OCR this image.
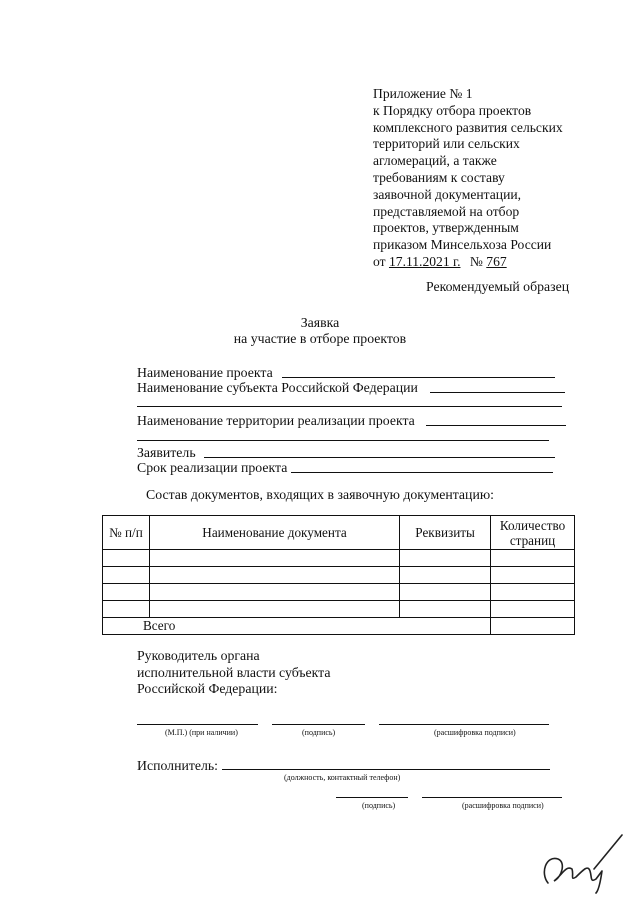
Приложение № 1
к Порядку отбора проектов
комплексного развития сельских
территорий или сельских
агломераций, а также
требованиям к составу
заявочной документации,
представляемой на отбор
проектов, утвержденным
приказом Минсельхоза России
от 17.11.2021 г. № 767
Рекомендуемый образец
Заявка
на участие в отборе проектов
Наименование проекта
Наименование субъекта Российской Федерации
Наименование территории реализации проекта
Заявитель
Срок реализации проекта
Состав документов, входящих в заявочную документацию:
№ п/п	Наименование документа	Реквизиты	Количество страниц

Всего			
Руководитель органа
исполнительной власти субъекта
Российской Федерации:
(М.П.) (при наличии)	(подпись)	(расшифровка подписи)
Исполнитель:
(должность, контактный телефон)
(подпись)	(расшифровка подписи)
